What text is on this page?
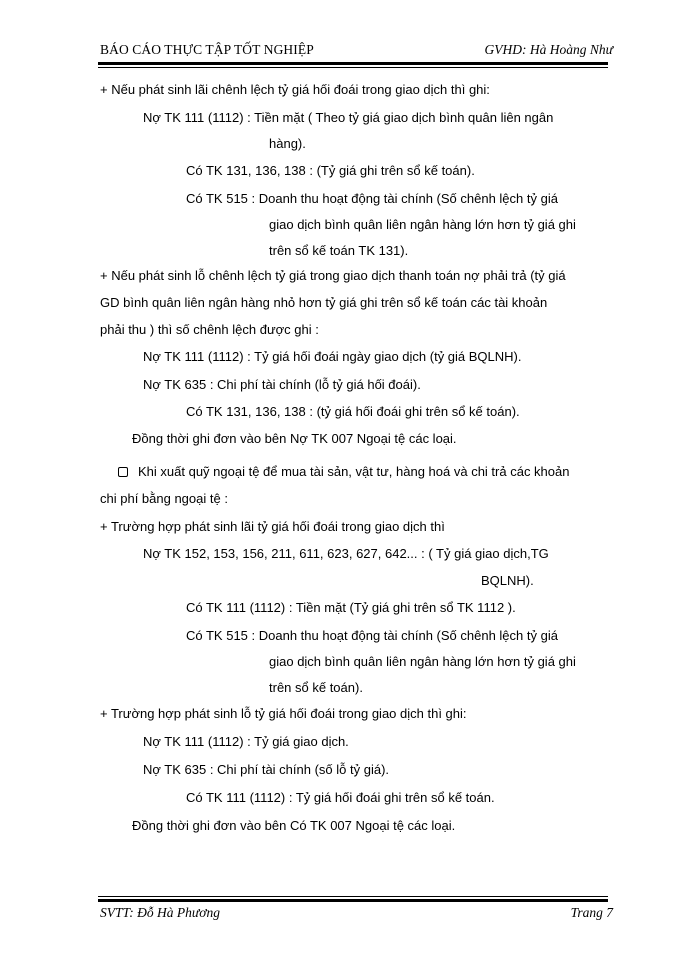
BÁO CÁO THỰC TẬP TỐT NGHIỆP	GVHD: Hà Hoàng Như
+ Nếu phát sinh lãi chênh lệch tỷ giá hối đoái trong giao dịch thì ghi:
Nợ TK 111 (1112) : Tiền mặt ( Theo tỷ giá giao dịch bình quân liên ngân
hàng).
Có TK 131, 136, 138 : (Tỷ giá ghi trên sổ kế toán).
Có TK 515 : Doanh thu hoạt động tài chính (Số chênh lệch tỷ giá
giao dịch bình quân liên ngân hàng lớn hơn tỷ giá ghi
trên sổ kế toán TK 131).
+ Nếu phát sinh lỗ chênh lệch tỷ giá trong giao dịch thanh toán nợ phải trả (tỷ giá
GD bình quân liên ngân hàng nhỏ hơn tỷ giá ghi trên sổ kế toán các tài khoản
phải thu ) thì số chênh lệch được ghi :
Nợ TK 111 (1112) : Tỷ giá hối đoái ngày giao dịch (tỷ giá BQLNH).
Nợ TK 635 : Chi phí tài chính (lỗ tỷ giá hối đoái).
Có TK 131, 136, 138 : (tỷ giá hối đoái ghi trên sổ kế toán).
Đồng thời ghi đơn vào bên Nợ TK 007 Ngoại tệ các loại.
Khi xuất quỹ ngoại tệ để mua tài sản, vật tư, hàng hoá và chi trả các khoản
chi phí bằng ngoại tệ :
+ Trường hợp phát sinh lãi tỷ giá hối đoái trong giao dịch thì
Nợ TK 152, 153, 156, 211, 611, 623, 627, 642... : ( Tỷ giá giao dịch,TG
BQLNH).
Có TK 111 (1112) : Tiền mặt (Tỷ giá ghi trên sổ TK 1112 ).
Có TK 515 : Doanh thu hoạt động tài chính (Số chênh lệch tỷ giá
giao dịch bình quân liên ngân hàng lớn hơn tỷ giá ghi
trên sổ kế toán).
+ Trường hợp phát sinh lỗ tỷ giá hối đoái trong giao dịch thì ghi:
Nợ TK 111 (1112) : Tỷ giá giao dịch.
Nợ TK 635 : Chi phí tài chính (số lỗ tỷ giá).
Có TK 111 (1112) : Tỷ giá hối đoái ghi trên sổ kế toán.
Đồng thời ghi đơn vào bên Có TK 007 Ngoại tệ các loại.
SVTT: Đỗ Hà Phương	Trang 7
